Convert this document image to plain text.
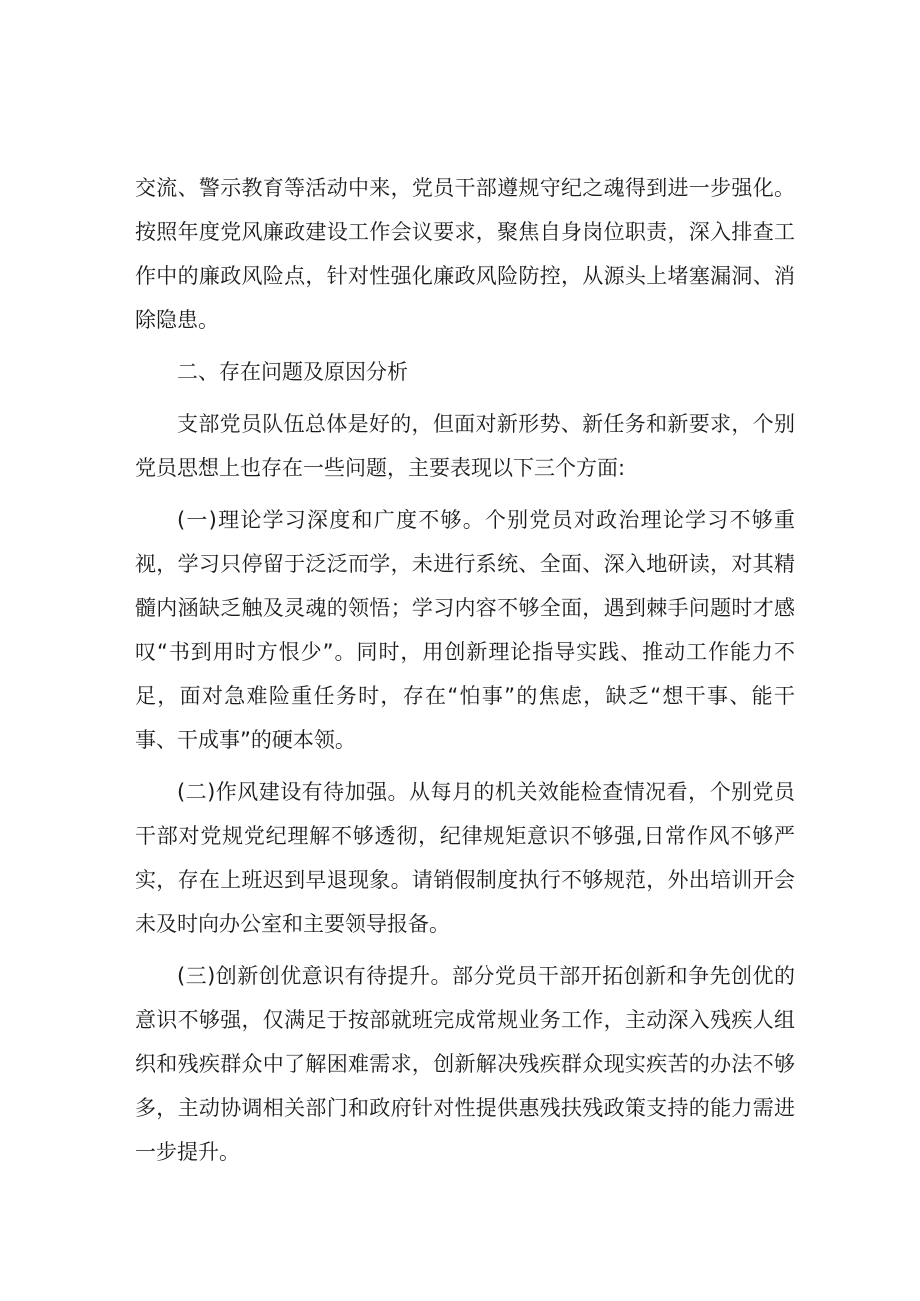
交流、警示教育等活动中来，党员干部遵规守纪之魂得到进一步强化。按照年度党风廉政建设工作会议要求，聚焦自身岗位职责，深入排查工作中的廉政风险点，针对性强化廉政风险防控，从源头上堵塞漏洞、消除隐患。

二、存在问题及原因分析

支部党员队伍总体是好的，但面对新形势、新任务和新要求，个别党员思想上也存在一些问题，主要表现以下三个方面:

(一)理论学习深度和广度不够。个别党员对政治理论学习不够重视，学习只停留于泛泛而学，未进行系统、全面、深入地研读，对其精髓内涵缺乏触及灵魂的领悟；学习内容不够全面，遇到棘手问题时才感叹“书到用时方恨少”。同时，用创新理论指导实践、推动工作能力不足，面对急难险重任务时，存在“怕事”的焦虑，缺乏“想干事、能干事、干成事”的硬本领。

(二)作风建设有待加强。从每月的机关效能检查情况看，个别党员干部对党规党纪理解不够透彻，纪律规矩意识不够强,日常作风不够严实，存在上班迟到早退现象。请销假制度执行不够规范，外出培训开会未及时向办公室和主要领导报备。

(三)创新创优意识有待提升。部分党员干部开拓创新和争先创优的意识不够强，仅满足于按部就班完成常规业务工作，主动深入残疾人组织和残疾群众中了解困难需求，创新解决残疾群众现实疾苦的办法不够多，主动协调相关部门和政府针对性提供惠残扶残政策支持的能力需进一步提升。
